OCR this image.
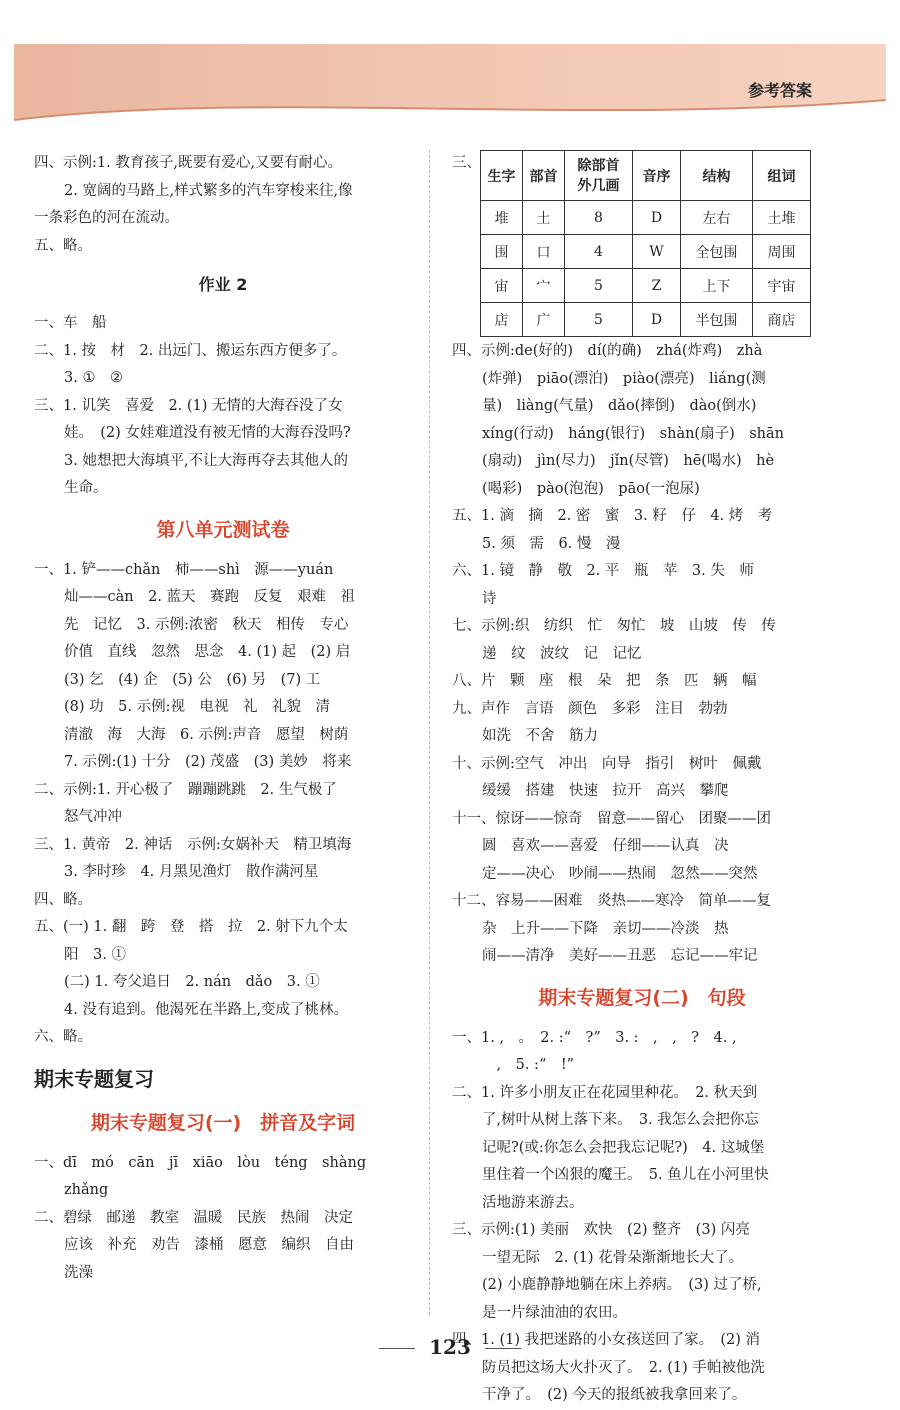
参考答案
四、示例:1. 教育孩子,既要有爱心,又要有耐心。
2. 宽阔的马路上,样式繁多的汽车穿梭来往,像
一条彩色的河在流动。
五、略。
作业 2
一、车　船
二、1. 按　材　2. 出远门、搬运东西方便多了。
3. ①　②
三、1. 讥笑　喜爱　2. (1) 无情的大海吞没了女
娃。　(2) 女娃难道没有被无情的大海吞没吗?
3. 她想把大海填平,不让大海再夺去其他人的
生命。
第八单元测试卷
一、1. 铲——chǎn　柿——shì　源——yuán
灿——càn　2. 蓝天　赛跑　反复　艰难　祖
先　记忆　3. 示例:浓密　秋天　相传　专心
价值　直线　忽然　思念　4. (1) 起　(2) 启
(3) 乞　(4) 企　(5) 公　(6) 另　(7) 工
(8) 功　5. 示例:视　电视　礼　礼貌　清
清澈　海　大海　6. 示例:声音　愿望　树荫
7. 示例:(1) 十分　(2) 茂盛　(3) 美妙　将来
二、示例:1. 开心极了　蹦蹦跳跳　2. 生气极了
怒气冲冲
三、1. 黄帝　2. 神话　示例:女娲补天　精卫填海
3. 李时珍　4. 月黑见渔灯　散作满河星
四、略。
五、(一) 1. 翻　跨　登　搭　拉　2. 射下九个太
阳　3. ①
(二) 1. 夸父追日　2. nán　dǎo　3. ①
4. 没有追到。他渴死在半路上,变成了桃林。
六、略。
期末专题复习
期末专题复习(一)　拼音及字词
一、dī　mó　cān　jī　xiāo　lòu　téng　shàng
zhǎng
二、碧绿　邮递　教室　温暖　民族　热闹　决定
应该　补充　劝告　漆桶　愿意　编织　自由
洗澡
三、
生字	部首	除部首外几画	音序	结构	组词
堆	土	8	D	左右	土堆
围	口	4	W	全包围	周围
宙	宀	5	Z	上下	宇宙
店	广	5	D	半包围	商店
四、示例:de(好的)　dí(的确)　zhá(炸鸡)　zhà
(炸弹)　piāo(漂泊)　piào(漂亮)　liáng(测
量)　liàng(气量)　dǎo(摔倒)　dào(倒水)
xíng(行动)　háng(银行)　shàn(扇子)　shān
(扇动)　jìn(尽力)　jǐn(尽管)　hē(喝水)　hè
(喝彩)　pào(泡泡)　pāo(一泡尿)
五、1. 滴　摘　2. 密　蜜　3. 籽　仔　4. 烤　考
5. 须　需　6. 慢　漫
六、1. 镜　静　敬　2. 平　瓶　苹　3. 失　师
诗
七、示例:织　纺织　忙　匆忙　坡　山坡　传　传
递　纹　波纹　记　记忆
八、片　颗　座　根　朵　把　条　匹　辆　幅
九、声作　言语　颜色　多彩　注目　勃勃
如洗　不舍　筋力
十、示例:空气　冲出　向导　指引　树叶　佩戴
缓缓　搭建　快速　拉开　高兴　攀爬
十一、惊讶——惊奇　留意——留心　团聚——团
圆　喜欢——喜爱　仔细——认真　决
定——决心　吵闹——热闹　忽然——突然
十二、容易——困难　炎热——寒冷　简单——复
杂　上升——下降　亲切——冷淡　热
闹——清净　美好——丑恶　忘记——牢记
期末专题复习(二)　句段
一、1. ,　。　2. :“　?”　3. :　,　,　?　4. ,
　,　5. :“　!”
二、1. 许多小朋友正在花园里种花。　2. 秋天到
了,树叶从树上落下来。　3. 我怎么会把你忘
记呢?(或:你怎么会把我忘记呢?)　4. 这城堡
里住着一个凶狠的魔王。　5. 鱼儿在小河里快
活地游来游去。
三、示例:(1) 美丽　欢快　(2) 整齐　(3) 闪亮
一望无际　2. (1) 花骨朵渐渐地长大了。
(2) 小鹿静静地躺在床上养病。　(3) 过了桥,
是一片绿油油的农田。
四、1. (1) 我把迷路的小女孩送回了家。　(2) 消
防员把这场大火扑灭了。　2. (1) 手帕被他洗
干净了。　(2) 今天的报纸被我拿回来了。
123
